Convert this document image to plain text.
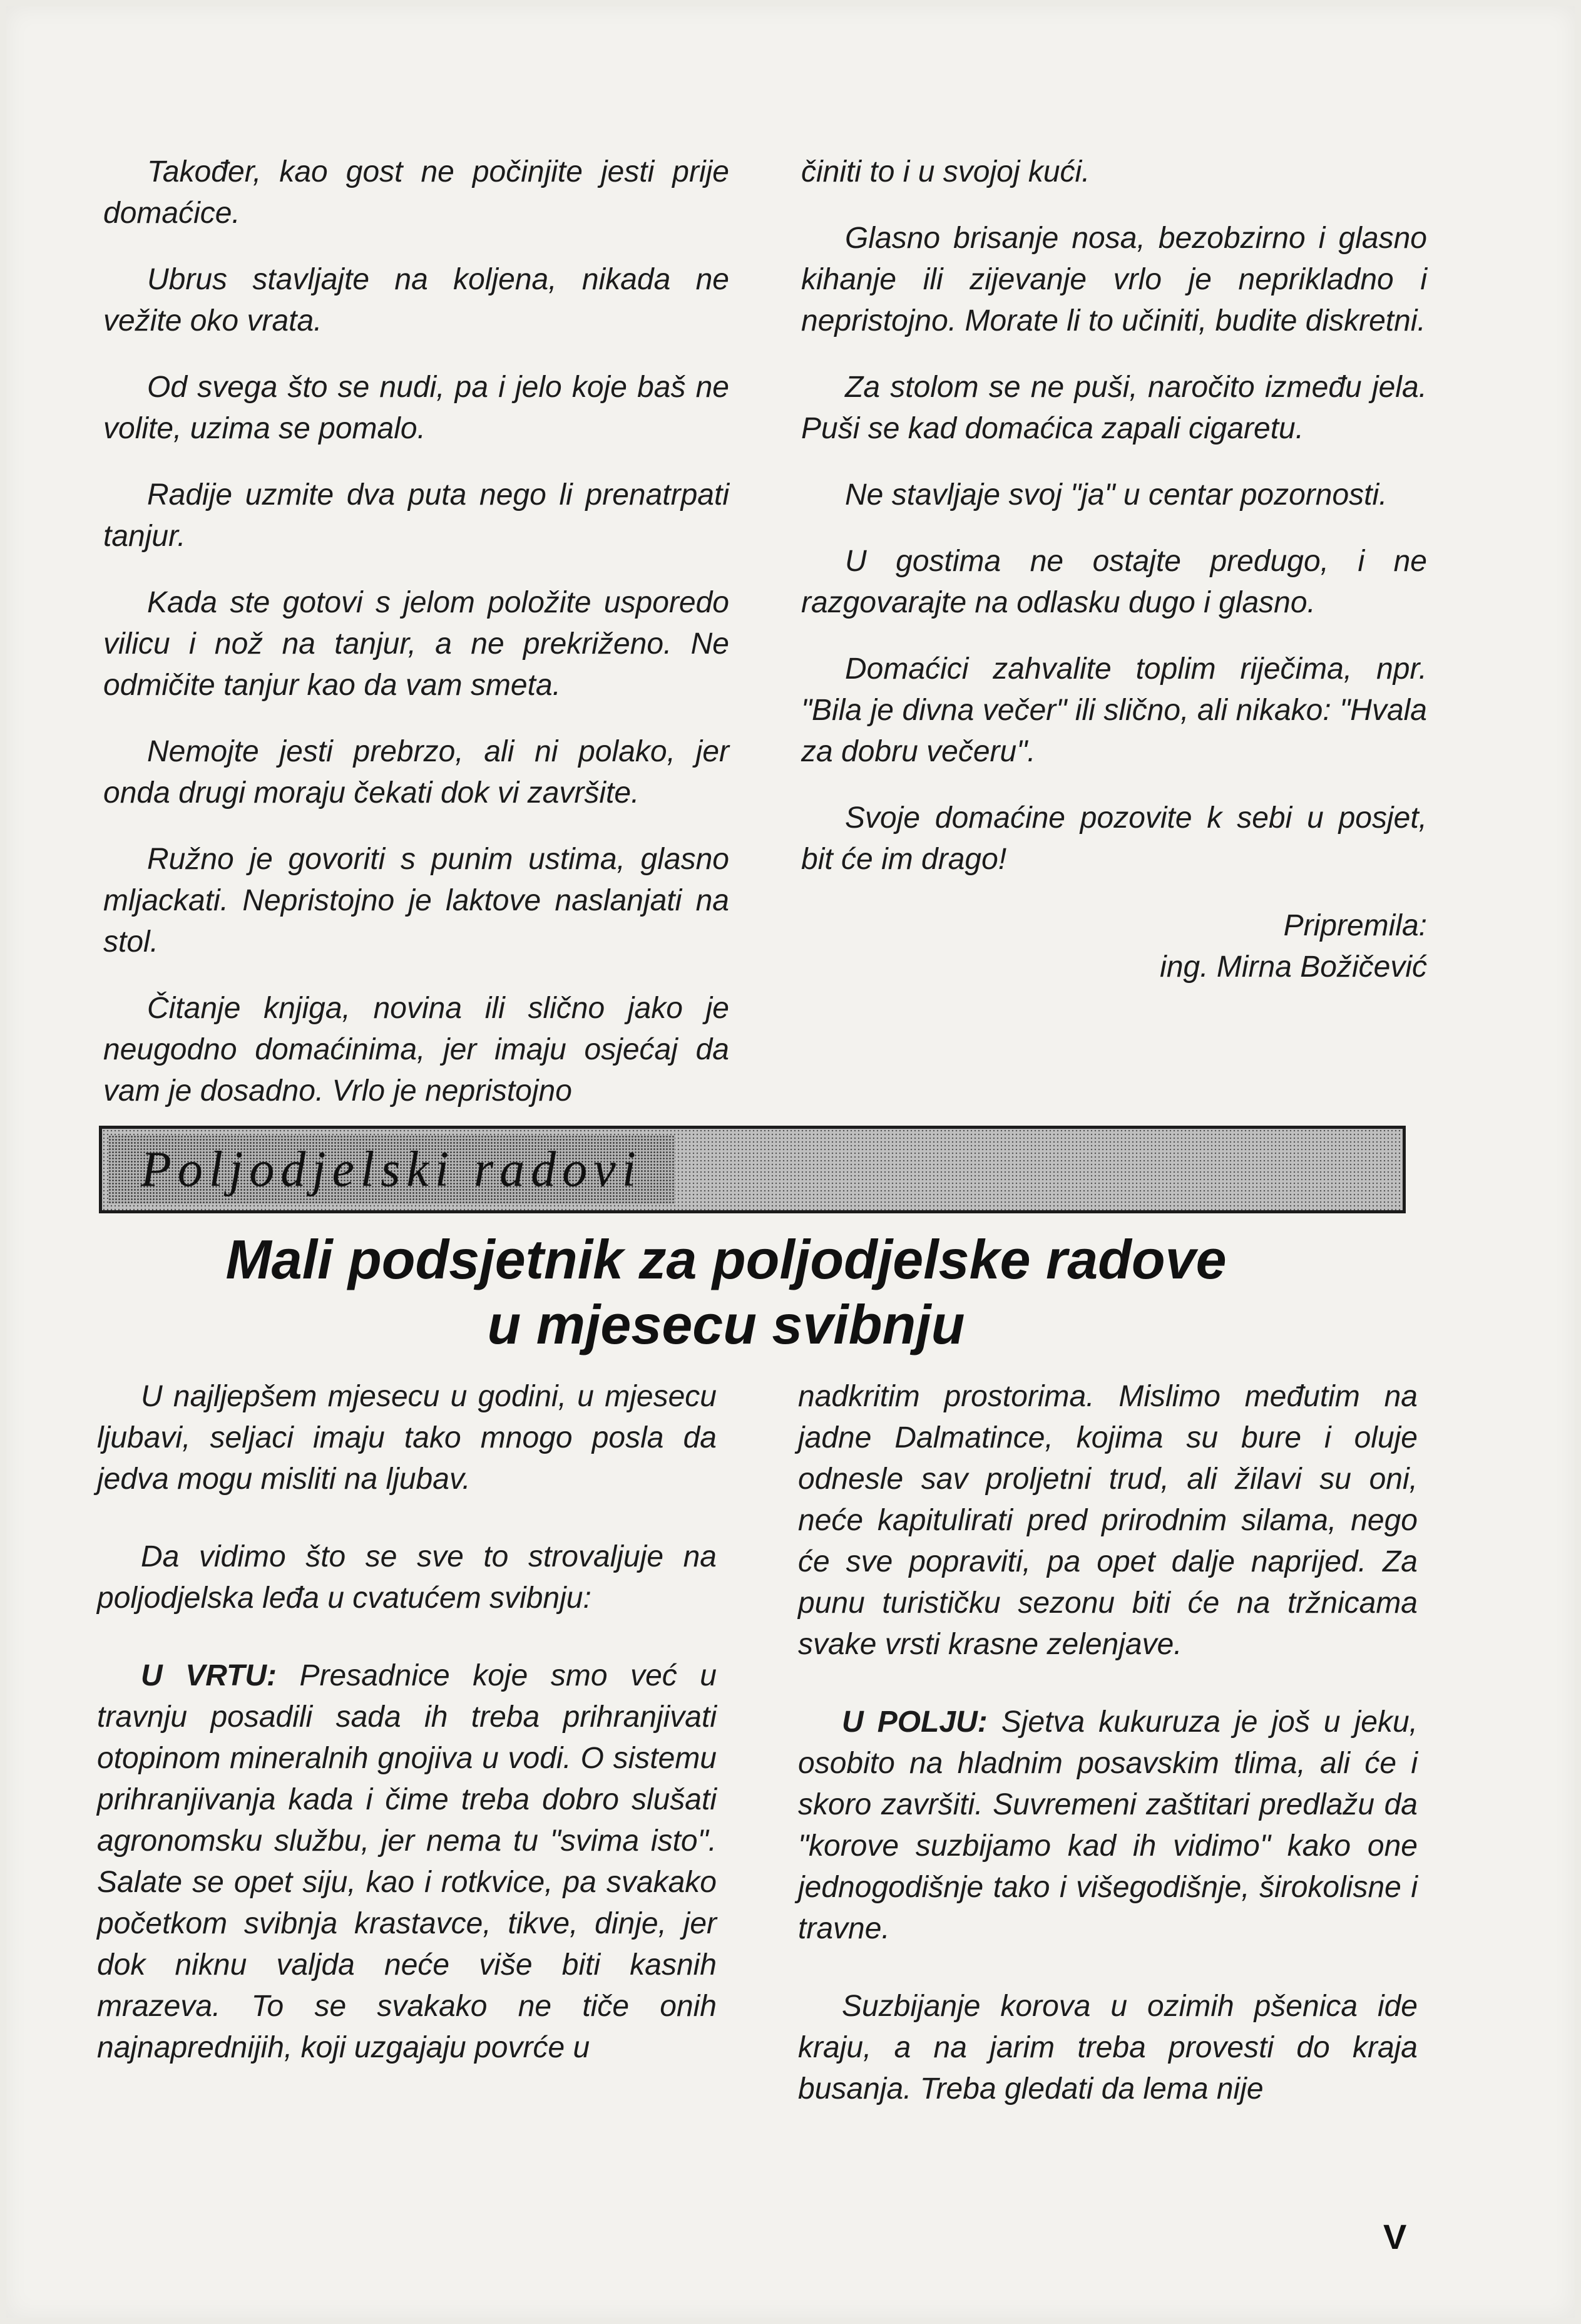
Također, kao gost ne počinjite jesti prije domaćice.

Ubrus stavljajte na koljena, nikada ne vežite oko vrata.

Od svega što se nudi, pa i jelo koje baš ne volite, uzima se pomalo.

Radije uzmite dva puta nego li prenatrpati tanjur.

Kada ste gotovi s jelom položite usporedo vilicu i nož na tanjur, a ne prekriženo. Ne odmičite tanjur kao da vam smeta.

Nemojte jesti prebrzo, ali ni polako, jer onda drugi moraju čekati dok vi završite.

Ružno je govoriti s punim ustima, glasno mljackati. Nepristojno je laktove naslanjati na stol.

Čitanje knjiga, novina ili slično jako je neugodno domaćinima, jer imaju osjećaj da vam je dosadno. Vrlo je nepristojno

činiti to i u svojoj kući.

Glasno brisanje nosa, bezobzirno i glasno kihanje ili zijevanje vrlo je neprikladno i nepristojno. Morate li to učiniti, budite diskretni.

Za stolom se ne puši, naročito između jela. Puši se kad domaćica zapali cigaretu.

Ne stavljaje svoj "ja" u centar pozornosti.

U gostima ne ostajte predugo, i ne razgovarajte na odlasku dugo i glasno.

Domaćici zahvalite toplim riječima, npr. "Bila je divna večer" ili slično, ali nikako: "Hvala za dobru večeru".

Svoje domaćine pozovite k sebi u posjet, bit će im drago!

Pripremila:
ing. Mirna Božičević
Poljodjelski radovi
Mali podsjetnik za poljodjelske radove
u mjesecu svibnju

U najljepšem mjesecu u godini, u mjesecu ljubavi, seljaci imaju tako mnogo posla da jedva mogu misliti na ljubav.

Da vidimo što se sve to strovaljuje na poljodjelska leđa u cvatućem svibnju:

U VRTU: Presadnice koje smo već u travnju posadili sada ih treba prihranjivati otopinom mineralnih gnojiva u vodi. O sistemu prihranjivanja kada i čime treba dobro slušati agronomsku službu, jer nema tu "svima isto". Salate se opet siju, kao i rotkvice, pa svakako početkom svibnja krastavce, tikve, dinje, jer dok niknu valjda neće više biti kasnih mrazeva. To se svakako ne tiče onih najnaprednijih, koji uzgajaju povrće u

nadkritim prostorima. Mislimo međutim na jadne Dalmatince, kojima su bure i oluje odnesle sav proljetni trud, ali žilavi su oni, neće kapitulirati pred prirodnim silama, nego će sve popraviti, pa opet dalje naprijed. Za punu turističku sezonu biti će na tržnicama svake vrsti krasne zelenjave.

U POLJU: Sjetva kukuruza je još u jeku, osobito na hladnim posavskim tlima, ali će i skoro završiti. Suvremeni zaštitari predlažu da "korove suzbijamo kad ih vidimo" kako one jednogodišnje tako i višegodišnje, širokolisne i travne.

Suzbijanje korova u ozimih pšenica ide kraju, a na jarim treba provesti do kraja busanja. Treba gledati da lema nije

V
